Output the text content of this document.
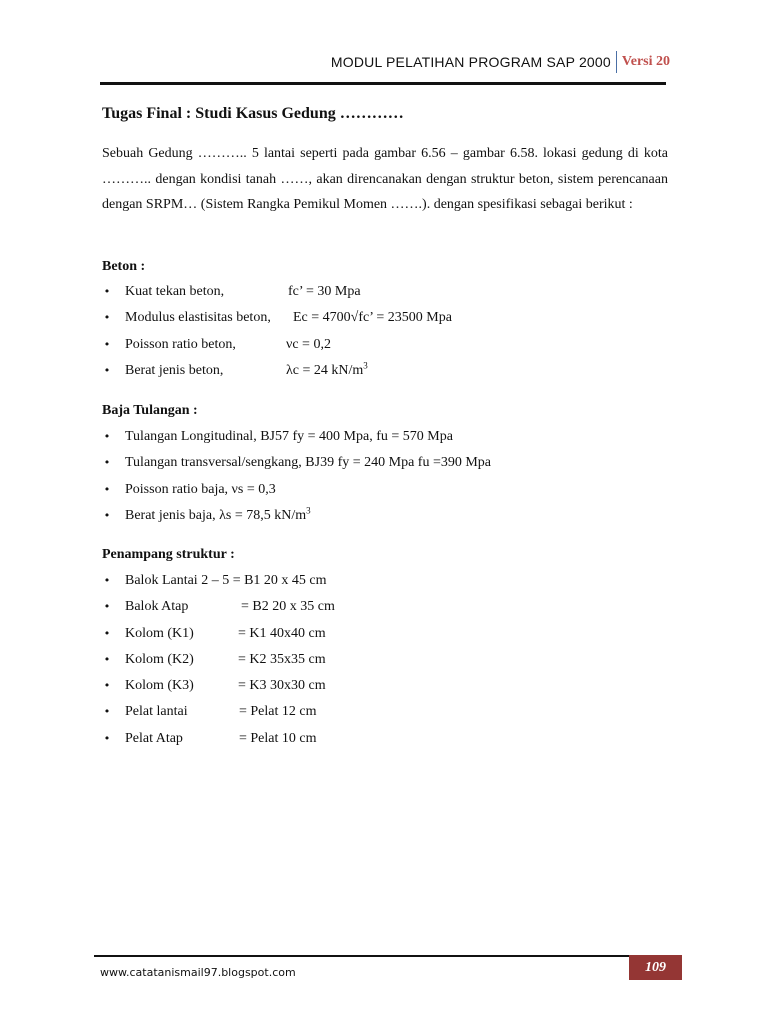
MODUL PELATIHAN PROGRAM SAP 2000 Versi 20
Tugas Final : Studi Kasus Gedung …………
Sebuah Gedung ……….. 5 lantai seperti pada gambar 6.56 – gambar 6.58. lokasi gedung di kota ……….. dengan kondisi tanah ……, akan direncanakan dengan struktur beton, sistem perencanaan dengan SRPM… (Sistem Rangka Pemikul Momen …….). dengan spesifikasi sebagai berikut :
Beton :
• Kuat tekan beton,	fc’ = 30 Mpa
• Modulus elastisitas beton, Ec = 4700√fc’ = 23500 Mpa
• Poisson ratio beton,	νc = 0,2
• Berat jenis beton,	λc = 24 $kN/m^3$
Baja Tulangan :
• Tulangan Longitudinal, BJ57 fy = 400 Mpa, fu = 570 Mpa
• Tulangan transversal/sengkang, BJ39 fy = 240 Mpa fu =390 Mpa
• Poisson ratio baja, νs = 0,3
• Berat jenis baja, λs = 78,5 $kN/m^3$
Penampang struktur :
• Balok Lantai 2 – 5 = B1 20 x 45 cm
• Balok Atap	= B2 20 x 35 cm
• Kolom (K1)	= K1 40x40 cm
• Kolom (K2)	= K2 35x35 cm
• Kolom (K3)	= K3 30x30 cm
• Pelat lantai	= Pelat 12 cm
• Pelat Atap	= Pelat 10 cm
www.catatanismail97.blogspot.com	109
